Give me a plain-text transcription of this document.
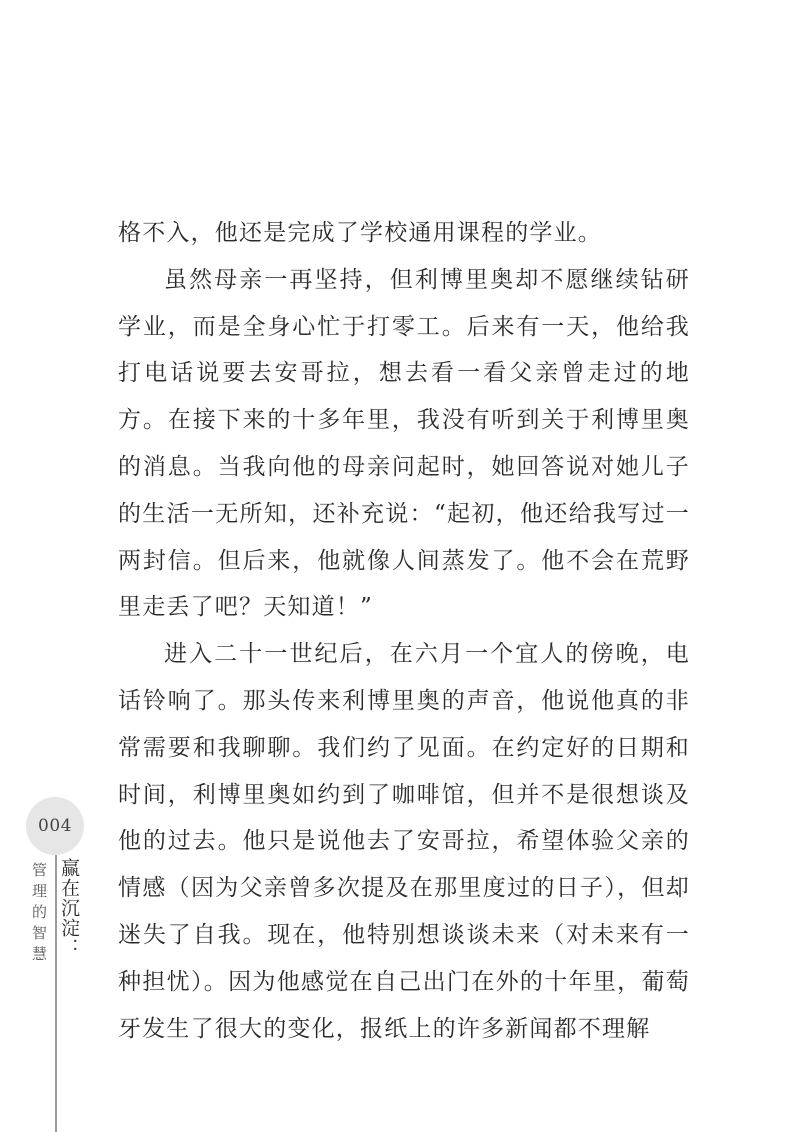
格不入，他还是完成了学校通用课程的学业。

虽然母亲一再坚持，但利博里奥却不愿继续钻研学业，而是全身心忙于打零工。后来有一天，他给我打电话说要去安哥拉，想去看一看父亲曾走过的地方。在接下来的十多年里，我没有听到关于利博里奥的消息。当我向他的母亲问起时，她回答说对她儿子的生活一无所知，还补充说：“起初，他还给我写过一两封信。但后来，他就像人间蒸发了。他不会在荒野里走丢了吧？天知道！”

进入二十一世纪后，在六月一个宜人的傍晚，电话铃响了。那头传来利博里奥的声音，他说他真的非常需要和我聊聊。我们约了见面。在约定好的日期和时间，利博里奥如约到了咖啡馆，但并不是很想谈及他的过去。他只是说他去了安哥拉，希望体验父亲的情感（因为父亲曾多次提及在那里度过的日子），但却迷失了自我。现在，他特别想谈谈未来（对未来有一种担忧）。因为他感觉在自己出门在外的十年里，葡萄牙发生了很大的变化，报纸上的许多新闻都不理解

004
管理的智慧 赢在沉淀：
